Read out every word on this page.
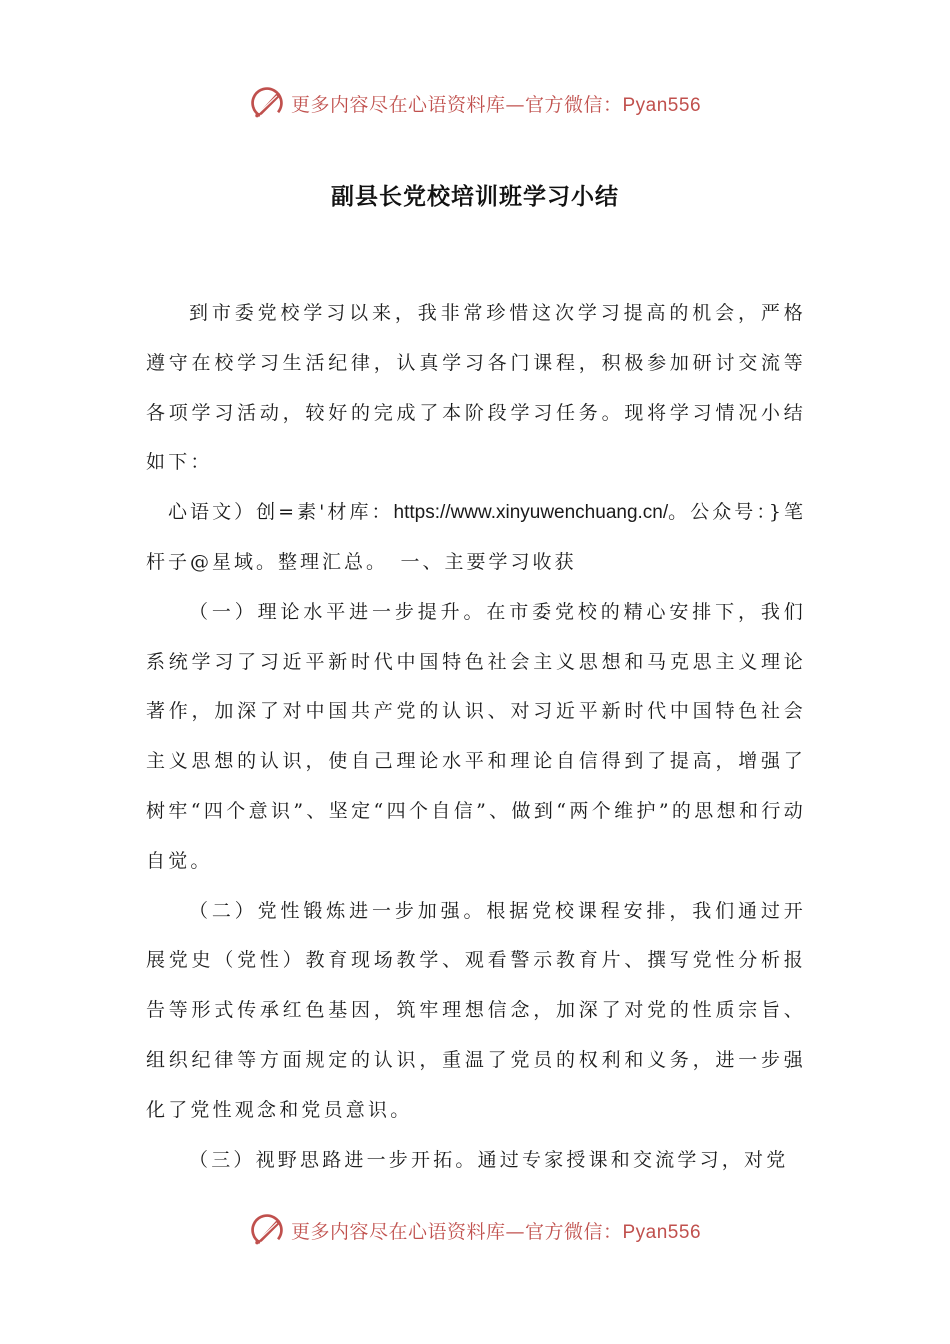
更多内容尽在心语资料库—官方微信：Pyan556
副县长党校培训班学习小结

到市委党校学习以来，我非常珍惜这次学习提高的机会，严格遵守在校学习生活纪律，认真学习各门课程，积极参加研讨交流等各项学习活动，较好的完成了本阶段学习任务。现将学习情况小结如下：

心语文）创=素'材库：https://www.xinyuwenchuang.cn/。公众号：}笔杆子@星域。整理汇总。　一、主要学习收获

（一）理论水平进一步提升。在市委党校的精心安排下，我们系统学习了习近平新时代中国特色社会主义思想和马克思主义理论著作，加深了对中国共产党的认识、对习近平新时代中国特色社会主义思想的认识，使自己理论水平和理论自信得到了提高，增强了树牢“四个意识”、坚定“四个自信”、做到“两个维护”的思想和行动自觉。

（二）党性锻炼进一步加强。根据党校课程安排，我们通过开展党史（党性）教育现场教学、观看警示教育片、撰写党性分析报告等形式传承红色基因，筑牢理想信念，加深了对党的性质宗旨、组织纪律等方面规定的认识，重温了党员的权利和义务，进一步强化了党性观念和党员意识。

（三）视野思路进一步开拓。通过专家授课和交流学习，对党

更多内容尽在心语资料库—官方微信：Pyan556
